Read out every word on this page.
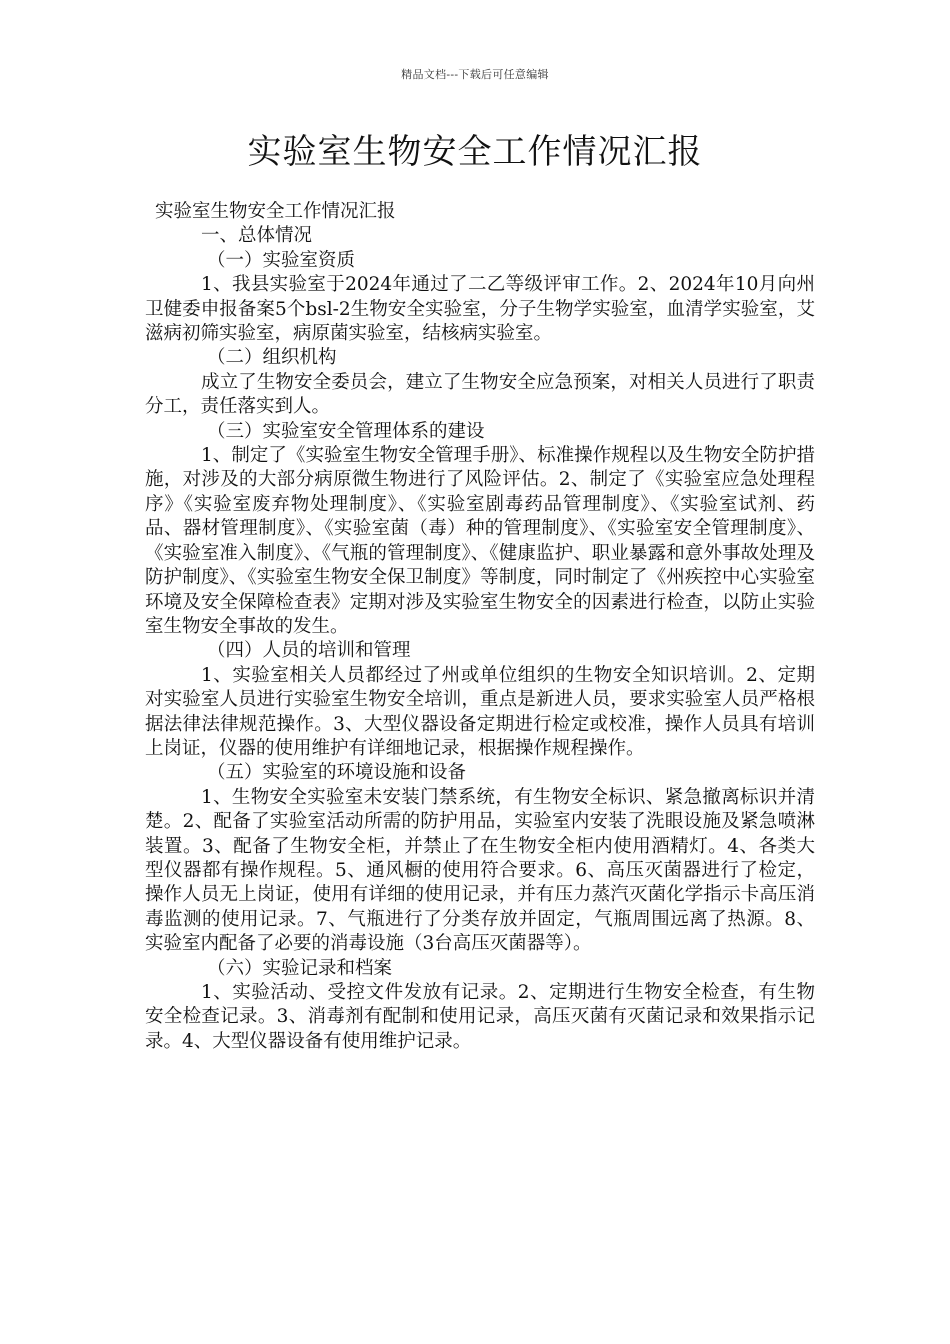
精品文档---下载后可任意编辑
实验室生物安全工作情况汇报

实验室生物安全工作情况汇报

一、总体情况

（一）实验室资质

1、我县实验室于2024年通过了二乙等级评审工作。2、2024年10月向州卫健委申报备案5个bsl-2生物安全实验室，分子生物学实验室，血清学实验室，艾滋病初筛实验室，病原菌实验室，结核病实验室。

（二）组织机构

成立了生物安全委员会，建立了生物安全应急预案，对相关人员进行了职责分工，责任落实到人。

（三）实验室安全管理体系的建设

1、制定了《实验室生物安全管理手册》、标准操作规程以及生物安全防护措施，对涉及的大部分病原微生物进行了风险评估。2、制定了《实验室应急处理程序》《实验室废弃物处理制度》、《实验室剧毒药品管理制度》、《实验室试剂、药品、器材管理制度》、《实验室菌（毒）种的管理制度》、《实验室安全管理制度》、《实验室准入制度》、《气瓶的管理制度》、《健康监护、职业暴露和意外事故处理及防护制度》、《实验室生物安全保卫制度》等制度，同时制定了《州疾控中心实验室环境及安全保障检查表》定期对涉及实验室生物安全的因素进行检查，以防止实验室生物安全事故的发生。

（四）人员的培训和管理

1、实验室相关人员都经过了州或单位组织的生物安全知识培训。2、定期对实验室人员进行实验室生物安全培训，重点是新进人员，要求实验室人员严格根据法律法律规范操作。3、大型仪器设备定期进行检定或校准，操作人员具有培训上岗证，仪器的使用维护有详细地记录，根据操作规程操作。

（五）实验室的环境设施和设备

1、生物安全实验室未安装门禁系统，有生物安全标识、紧急撤离标识并清楚。2、配备了实验室活动所需的防护用品，实验室内安装了洗眼设施及紧急喷淋装置。3、配备了生物安全柜，并禁止了在生物安全柜内使用酒精灯。4、各类大型仪器都有操作规程。5、通风橱的使用符合要求。6、高压灭菌器进行了检定，操作人员无上岗证，使用有详细的使用记录，并有压力蒸汽灭菌化学指示卡高压消毒监测的使用记录。7、气瓶进行了分类存放并固定，气瓶周围远离了热源。8、实验室内配备了必要的消毒设施（3台高压灭菌器等）。

（六）实验记录和档案

1、实验活动、受控文件发放有记录。2、定期进行生物安全检查，有生物安全检查记录。3、消毒剂有配制和使用记录，高压灭菌有灭菌记录和效果指示记录。4、大型仪器设备有使用维护记录。
